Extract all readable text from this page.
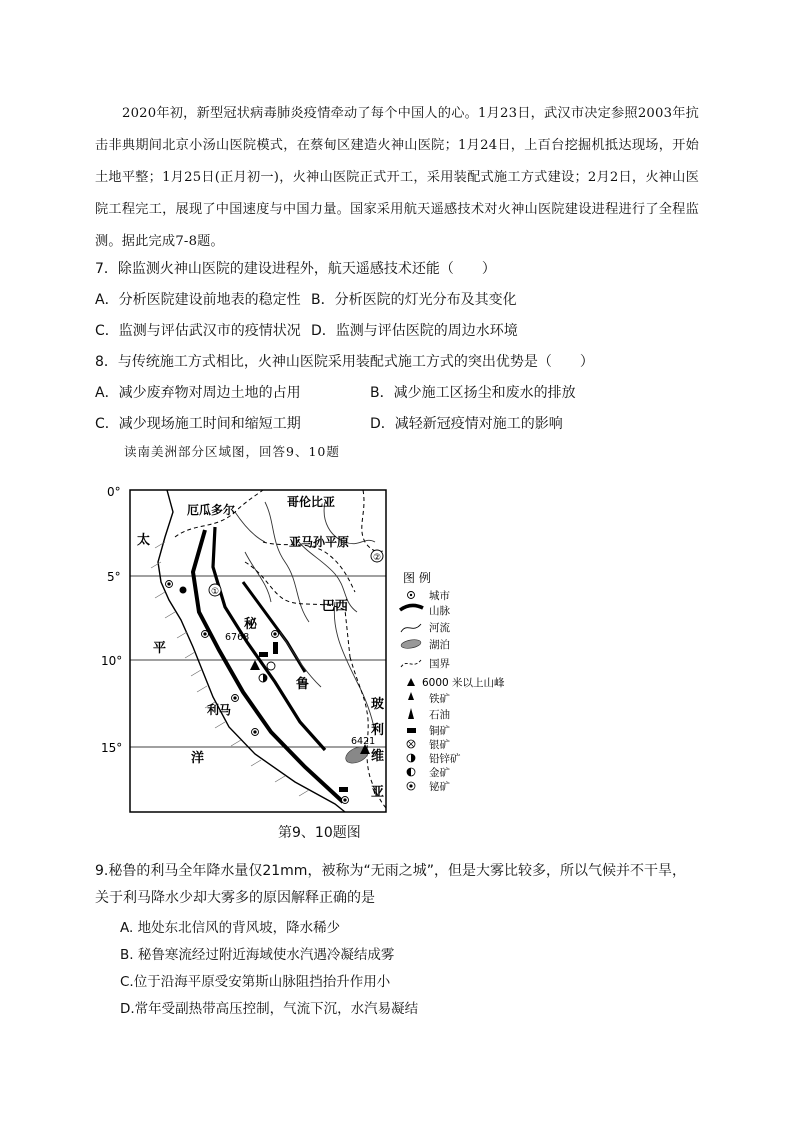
2020年初，新型冠状病毒肺炎疫情牵动了每个中国人的心。1月23日，武汉市决定参照2003年抗击非典期间北京小汤山医院模式，在蔡甸区建造火神山医院；1月24日，上百台挖掘机抵达现场，开始土地平整；1月25日(正月初一)，火神山医院正式开工，采用装配式施工方式建设；2月2日，火神山医院工程完工，展现了中国速度与中国力量。国家采用航天遥感技术对火神山医院建设进程进行了全程监测。据此完成7-8题。
7．除监测火神山医院的建设进程外，航天遥感技术还能（　　）
A．分析医院建设前地表的稳定性 B．分析医院的灯光分布及其变化
C．监测与评估武汉市的疫情状况 D．监测与评估医院的周边水环境
8．与传统施工方式相比，火神山医院采用装配式施工方式的突出优势是（　　）
A．减少废弃物对周边土地的占用	B．减少施工区扬尘和废水的排放
C．减少现场施工时间和缩短工期	D．减轻新冠疫情对施工的影响
读南美洲部分区域图，回答9、10题
0°
5°
10°
15°
①
②
厄瓜多尔
哥伦比亚
亚马孙平原
巴西
秘
鲁
玻
利
维
亚
利马
太
平
洋
6768
6421
图 例
城市
山脉
河流
湖泊
国界
6000 米以上山峰
铁矿
石油
铜矿
银矿
铅锌矿
金矿
铋矿
第9、10题图
9.秘鲁的利马全年降水量仅21mm，被称为“无雨之城”，但是大雾比较多，所以气候并不干旱，关于利马降水少却大雾多的原因解释正确的是
A. 地处东北信风的背风坡，降水稀少
B. 秘鲁寒流经过附近海域使水汽遇冷凝结成雾
C.位于沿海平原受安第斯山脉阻挡抬升作用小
D.常年受副热带高压控制，气流下沉，水汽易凝结
